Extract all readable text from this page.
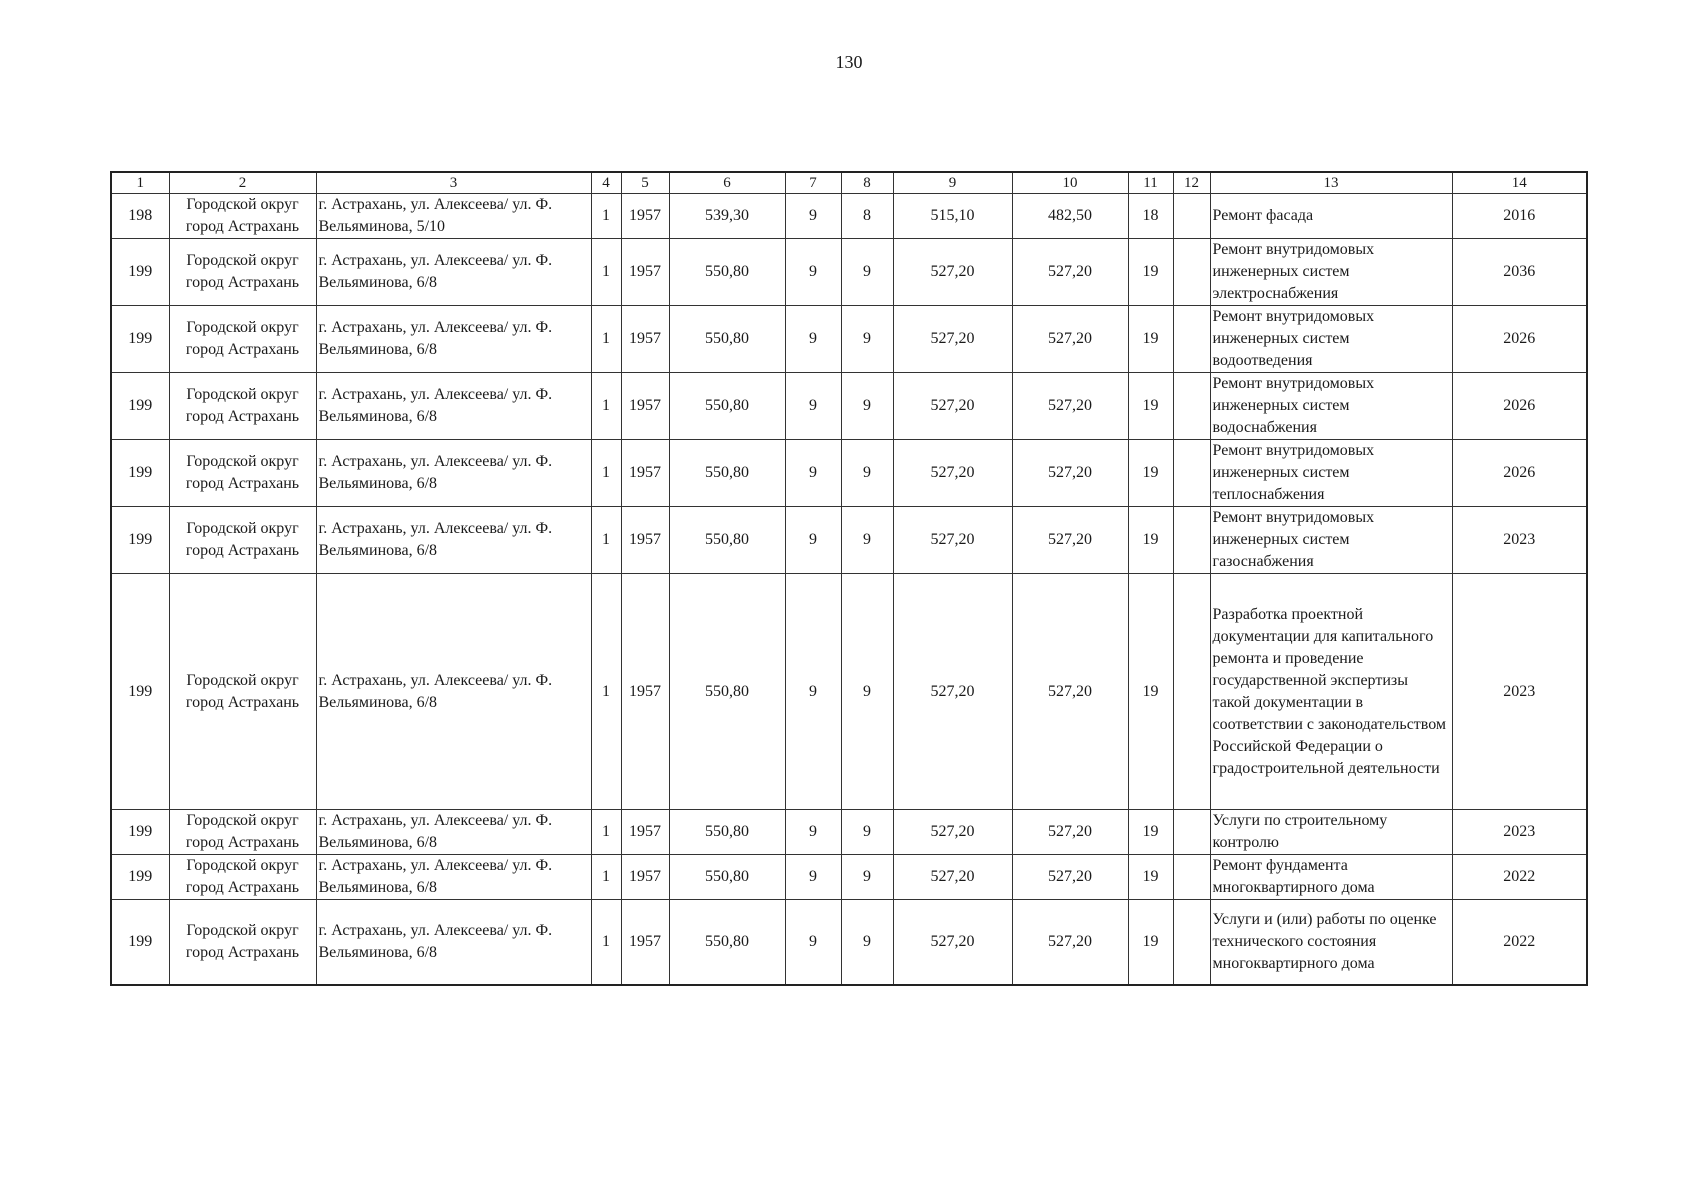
130
1	2	3	4	5	6	7	8	9	10	11	12	13	14
198	Городской округ город Астрахань	г. Астрахань, ул. Алексеева/ ул. Ф. Вельяминова, 5/10	1	1957	539,30	9	8	515,10	482,50	18		Ремонт фасада	2016
199	Городской округ город Астрахань	г. Астрахань, ул. Алексеева/ ул. Ф. Вельяминова, 6/8	1	1957	550,80	9	9	527,20	527,20	19		Ремонт внутридомовых инженерных систем электроснабжения	2036
199	Городской округ город Астрахань	г. Астрахань, ул. Алексеева/ ул. Ф. Вельяминова, 6/8	1	1957	550,80	9	9	527,20	527,20	19		Ремонт внутридомовых инженерных систем водоотведения	2026
199	Городской округ город Астрахань	г. Астрахань, ул. Алексеева/ ул. Ф. Вельяминова, 6/8	1	1957	550,80	9	9	527,20	527,20	19		Ремонт внутридомовых инженерных систем водоснабжения	2026
199	Городской округ город Астрахань	г. Астрахань, ул. Алексеева/ ул. Ф. Вельяминова, 6/8	1	1957	550,80	9	9	527,20	527,20	19		Ремонт внутридомовых инженерных систем теплоснабжения	2026
199	Городской округ город Астрахань	г. Астрахань, ул. Алексеева/ ул. Ф. Вельяминова, 6/8	1	1957	550,80	9	9	527,20	527,20	19		Ремонт внутридомовых инженерных систем газоснабжения	2023
199	Городской округ город Астрахань	г. Астрахань, ул. Алексеева/ ул. Ф. Вельяминова, 6/8	1	1957	550,80	9	9	527,20	527,20	19		Разработка проектной документации для капитального ремонта и проведение государственной экспертизы такой документации в соответствии с законодательством Российской Федерации о градостроительной деятельности	2023
199	Городской округ город Астрахань	г. Астрахань, ул. Алексеева/ ул. Ф. Вельяминова, 6/8	1	1957	550,80	9	9	527,20	527,20	19		Услуги по строительному контролю	2023
199	Городской округ город Астрахань	г. Астрахань, ул. Алексеева/ ул. Ф. Вельяминова, 6/8	1	1957	550,80	9	9	527,20	527,20	19		Ремонт фундамента многоквартирного дома	2022
199	Городской округ город Астрахань	г. Астрахань, ул. Алексеева/ ул. Ф. Вельяминова, 6/8	1	1957	550,80	9	9	527,20	527,20	19		Услуги и (или) работы по оценке технического состояния многоквартирного дома	2022
